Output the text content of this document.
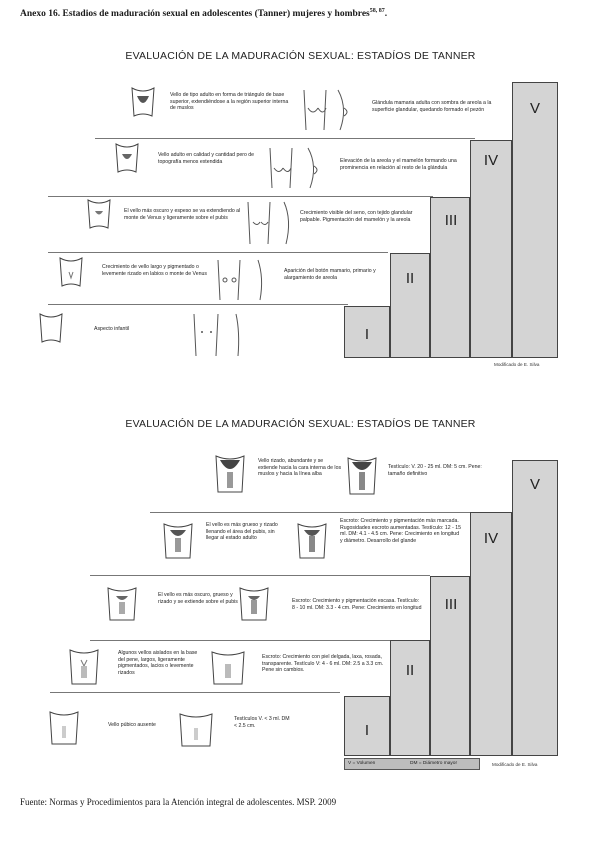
Anexo 16. Estadios de maduración sexual en adolescentes (Tanner) mujeres y hombres$^{58, 87}$.
EVALUACIÓN DE LA MADURACIÓN SEXUAL: ESTADÍOS DE TANNER
I
II
III
IV
V
Vello de tipo adulto en forma de triángulo de base superior, extendiéndose a la región superior interna de muslos
Glándula mamaria adulta con sombra de areola a la superficie glandular, quedando formado el pezón
Vello adulto en calidad y cantidad pero de topografía menos extendida	Elevación de la areola y el mamelón formando una prominencia en relación al resto de la glándula
El vello más oscuro y espeso se va extendiendo al monte de Venus y ligeramente sobre el pubis
Crecimiento visible del seno, con tejido glandular palpable. Pigmentación del mamelón y la areola
Crecimiento de vello largo y pigmentado o levemente rizado en labios o monte de Venus	Aparición del botón mamario, primario y alargamiento de areola
Aspecto infantil
Modificado de E. Silva
EVALUACIÓN DE LA MADURACIÓN SEXUAL: ESTADÍOS DE TANNER
I
II
III
IV
V
V = Volumen	DM = Diámetro mayor	Modificado de E. Silva
Vello rizado, abundante y se extiende hacia la cara interna de los muslos y hacia la línea alba
Testículo: V. 20 - 25 ml. DM: 5 cm. Pene: tamaño definitivo
El vello es más grueso y rizado llenando el área del pubis, sin llegar al estado adulto
Escroto: Crecimiento y pigmentación más marcada. Rugosidades escroto aumentadas. Testículo: 12 - 15 ml. DM: 4.1 - 4.5 cm. Pene: Crecimiento en longitud y diámetro. Desarrollo del glande
El vello es más oscuro, grueso y rizado y se extiende sobre el pubis	Escroto: Crecimiento y pigmentación escasa. Testículo: 8 - 10 ml. DM: 3.3 - 4 cm. Pene: Crecimiento en longitud
Algunos vellos aislados en la base del pene, largos, ligeramente pigmentados, lacios o levemente rizados
Escroto: Crecimiento con piel delgada, laxa, rosada, transparente. Testículo V: 4 - 6 ml. DM: 2.5 a 3.3 cm. Pene sin cambios.
Vello púbico ausente
Testículos V. < 3 ml. DM < 2.5 cm.
Fuente: Normas y Procedimientos para la Atención integral de adolescentes. MSP. 2009
